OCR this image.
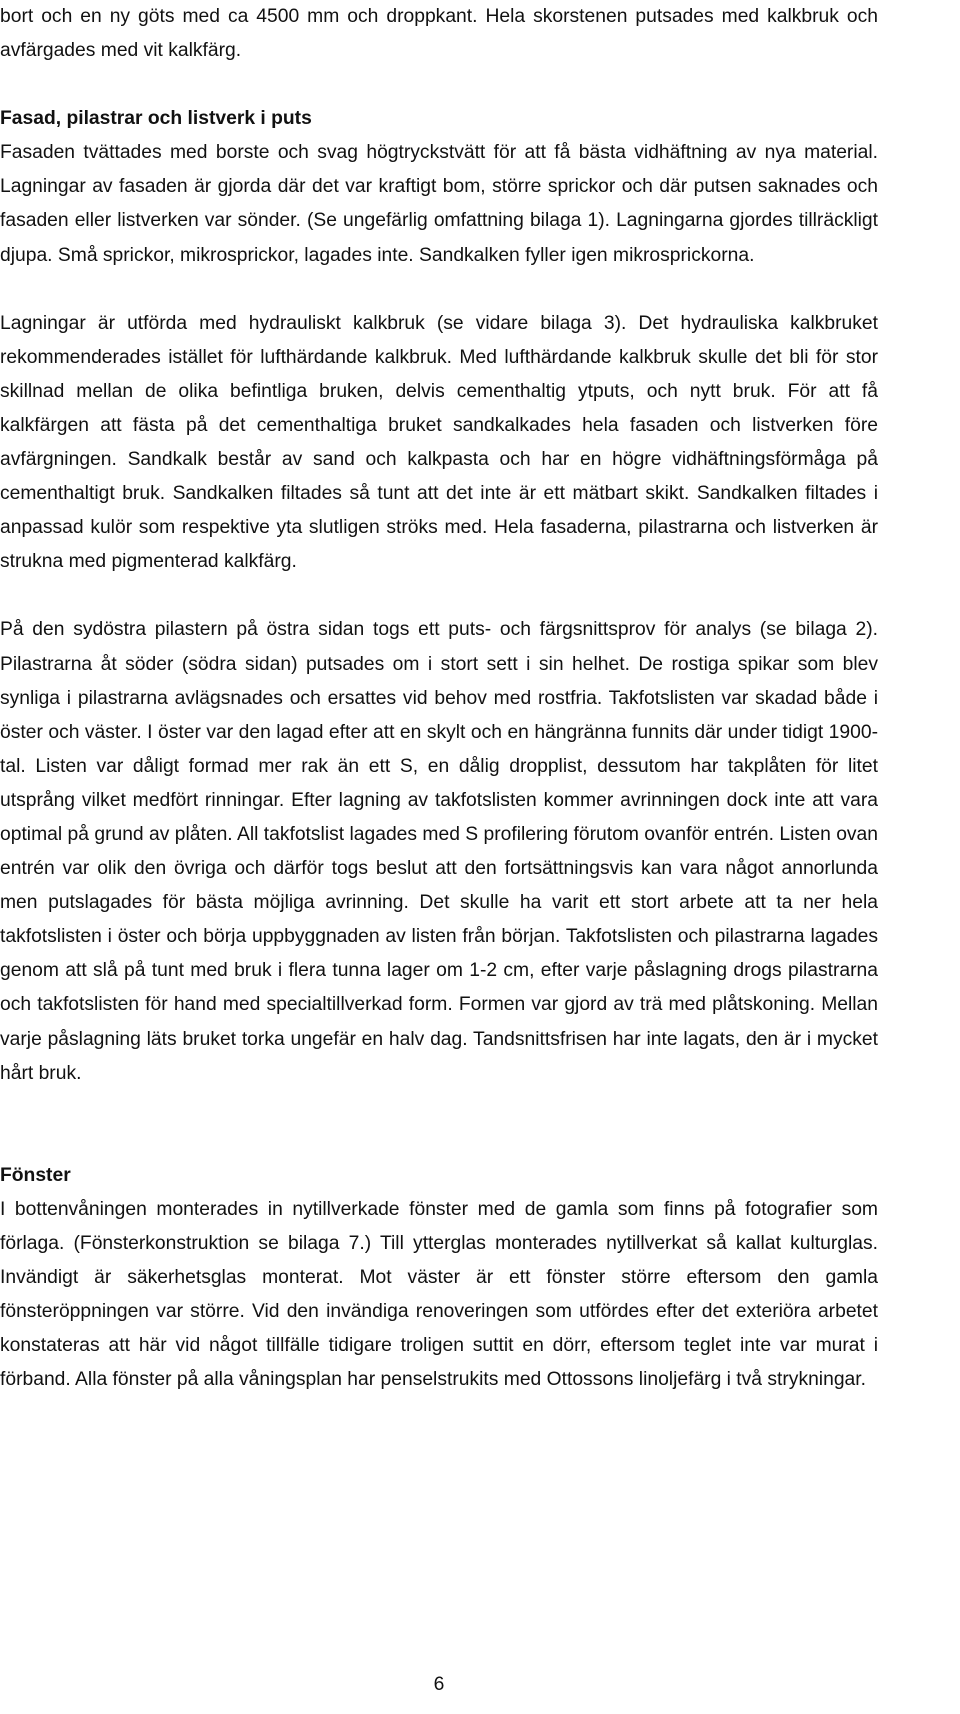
bort och en ny göts med ca 4500 mm och droppkant. Hela skorstenen putsades med kalkbruk och avfärgades med vit kalkfärg.

Fasad, pilastrar och listverk i puts

Fasaden tvättades med borste och svag högtryckstvätt för att få bästa vidhäftning av nya material. Lagningar av fasaden är gjorda där det var kraftigt bom, större sprickor och där putsen saknades och fasaden eller listverken var sönder. (Se ungefärlig omfattning bilaga 1). Lagningarna gjordes tillräckligt djupa. Små sprickor, mikrosprickor, lagades inte. Sandkalken fyller igen mikrosprickorna.

Lagningar är utförda med hydrauliskt kalkbruk (se vidare bilaga 3). Det hydrauliska kalkbruket rekommenderades istället för lufthärdande kalkbruk. Med lufthärdande kalkbruk skulle det bli för stor skillnad mellan de olika befintliga bruken, delvis cementhaltig ytputs, och nytt bruk. För att få kalkfärgen att fästa på det cementhaltiga bruket sandkalkades hela fasaden och listverken före avfärgningen. Sandkalk består av sand och kalkpasta och har en högre vidhäftningsförmåga på cementhaltigt bruk. Sandkalken filtades så tunt att det inte är ett mätbart skikt. Sandkalken filtades i anpassad kulör som respektive yta slutligen ströks med. Hela fasaderna, pilastrarna och listverken är strukna med pigmenterad kalkfärg.

På den sydöstra pilastern på östra sidan togs ett puts- och färgsnittsprov för analys (se bilaga 2). Pilastrarna åt söder (södra sidan) putsades om i stort sett i sin helhet. De rostiga spikar som blev synliga i pilastrarna avlägsnades och ersattes vid behov med rostfria. Takfotslisten var skadad både i öster och väster. I öster var den lagad efter att en skylt och en hängränna funnits där under tidigt 1900-tal. Listen var dåligt formad mer rak än ett S, en dålig dropplist, dessutom har takplåten för litet utsprång vilket medfört rinningar. Efter lagning av takfotslisten kommer avrinningen dock inte att vara optimal på grund av plåten. All takfotslist lagades med S profilering förutom ovanför entrén. Listen ovan entrén var olik den övriga och därför togs beslut att den fortsättningsvis kan vara något annorlunda men putslagades för bästa möjliga avrinning. Det skulle ha varit ett stort arbete att ta ner hela takfotslisten i öster och börja uppbyggnaden av listen från början. Takfotslisten och pilastrarna lagades genom att slå på tunt med bruk i flera tunna lager om 1-2 cm, efter varje påslagning drogs pilastrarna och takfotslisten för hand med specialtillverkad form. Formen var gjord av trä med plåtskoning. Mellan varje påslagning läts bruket torka ungefär en halv dag. Tandsnittsfrisen har inte lagats, den är i mycket hårt bruk.

Fönster

I bottenvåningen monterades in nytillverkade fönster med de gamla som finns på fotografier som förlaga. (Fönsterkonstruktion se bilaga 7.) Till ytterglas monterades nytillverkat så kallat kulturglas. Invändigt är säkerhetsglas monterat. Mot väster är ett fönster större eftersom den gamla fönsteröppningen var större. Vid den invändiga renoveringen som utfördes efter det exteriöra arbetet konstateras att här vid något tillfälle tidigare troligen suttit en dörr, eftersom teglet inte var murat i förband. Alla fönster på alla våningsplan har penselstrukits med Ottossons linoljefärg i två strykningar.

6
